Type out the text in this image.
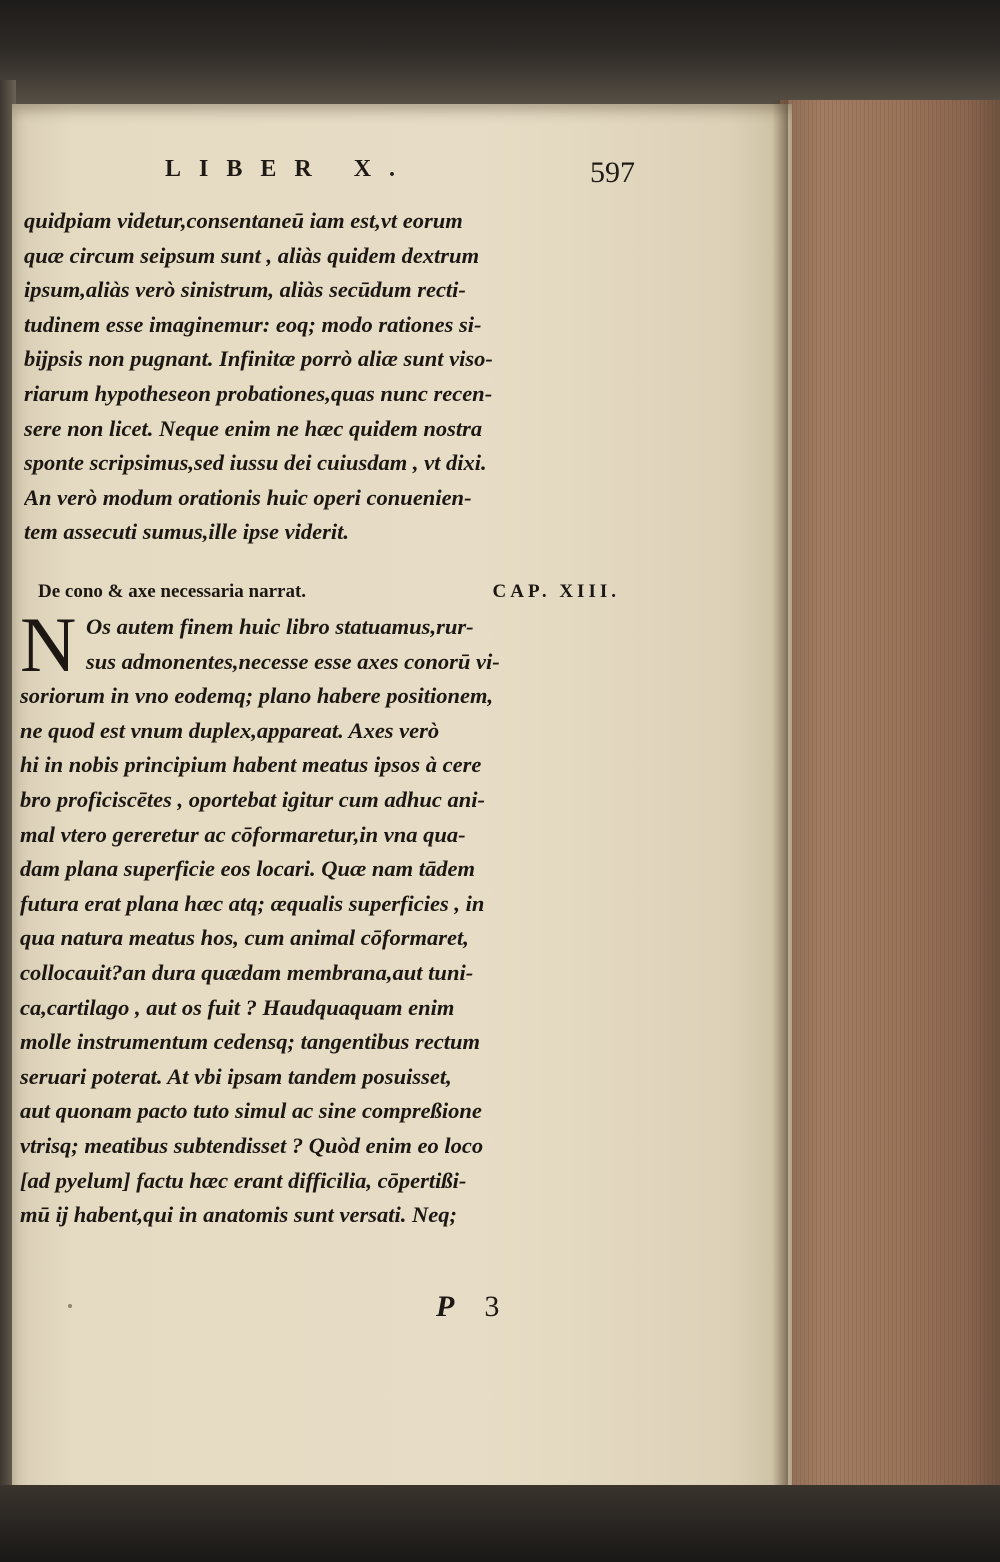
LIBER X.	597
quidpiam videtur,consentaneū iam est,vt eorum
quæ circum seipsum sunt , aliàs quidem dextrum
ipsum,aliàs verò sinistrum, aliàs secūdum recti-
tudinem esse imaginemur: eoq; modo rationes si-
bijpsis non pugnant. Infinitæ porrò aliæ sunt viso-
riarum hypotheseon probationes,quas nunc recen-
sere non licet. Neque enim ne hæc quidem nostra
sponte scripsimus,sed iussu dei cuiusdam , vt dixi.
An verò modum orationis huic operi conuenien-
tem assecuti sumus,ille ipse viderit.
De cono & axe necessaria narrat.	CAP. XIII.
N Os autem finem huic libro statuamus,rur-
sus admonentes,necesse esse axes conorū vi-
soriorum in vno eodemq; plano habere positionem,
ne quod est vnum duplex,appareat. Axes verò
hi in nobis principium habent meatus ipsos à cere
bro proficiscētes , oportebat igitur cum adhuc ani-
mal vtero gereretur ac cōformaretur,in vna qua-
dam plana superficie eos locari. Quæ nam tādem
futura erat plana hæc atq; æqualis superficies , in
qua natura meatus hos, cum animal cōformaret,
collocauit?an dura quædam membrana,aut tuni-
ca,cartilago , aut os fuit ? Haudquaquam enim
molle instrumentum cedensq; tangentibus rectum
seruari poterat. At vbi ipsam tandem posuisset,
aut quonam pacto tuto simul ac sine compreßione
vtrisq; meatibus subtendisset ? Quòd enim eo loco
[ad pyelum] factu hæc erant difficilia, cōpertißi-
mū ij habent,qui in anatomis sunt versati. Neq;
P 3
